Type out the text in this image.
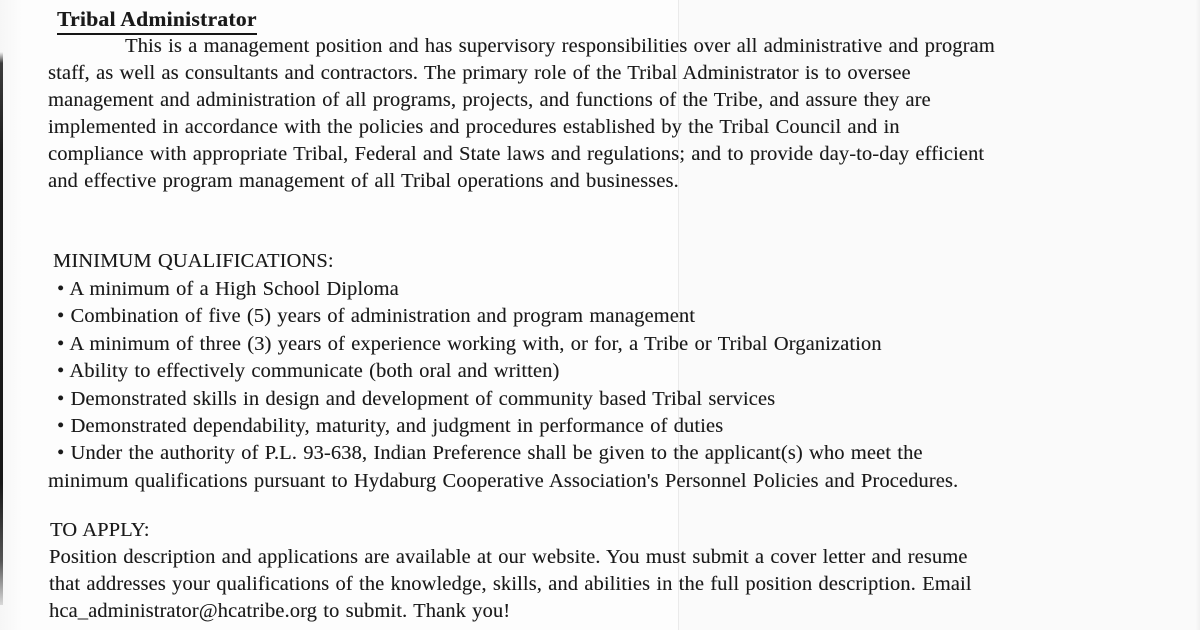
Tribal Administrator
This is a management position and has supervisory responsibilities over all administrative and program
staff, as well as consultants and contractors. The primary role of the Tribal Administrator is to oversee
management and administration of all programs, projects, and functions of the Tribe, and assure they are
implemented in accordance with the policies and procedures established by the Tribal Council and in
compliance with appropriate Tribal, Federal and State laws and regulations; and to provide day-to-day efficient
and effective program management of all Tribal operations and businesses.
MINIMUM QUALIFICATIONS:
• A minimum of a High School Diploma
• Combination of five (5) years of administration and program management
• A minimum of three (3) years of experience working with, or for, a Tribe or Tribal Organization
• Ability to effectively communicate (both oral and written)
• Demonstrated skills in design and development of community based Tribal services
• Demonstrated dependability, maturity, and judgment in performance of duties
• Under the authority of P.L. 93-638, Indian Preference shall be given to the applicant(s) who meet the
minimum qualifications pursuant to Hydaburg Cooperative Association's Personnel Policies and Procedures.
TO APPLY:
Position description and applications are available at our website. You must submit a cover letter and resume
that addresses your qualifications of the knowledge, skills, and abilities in the full position description. Email
hca_administrator@hcatribe.org to submit. Thank you!
